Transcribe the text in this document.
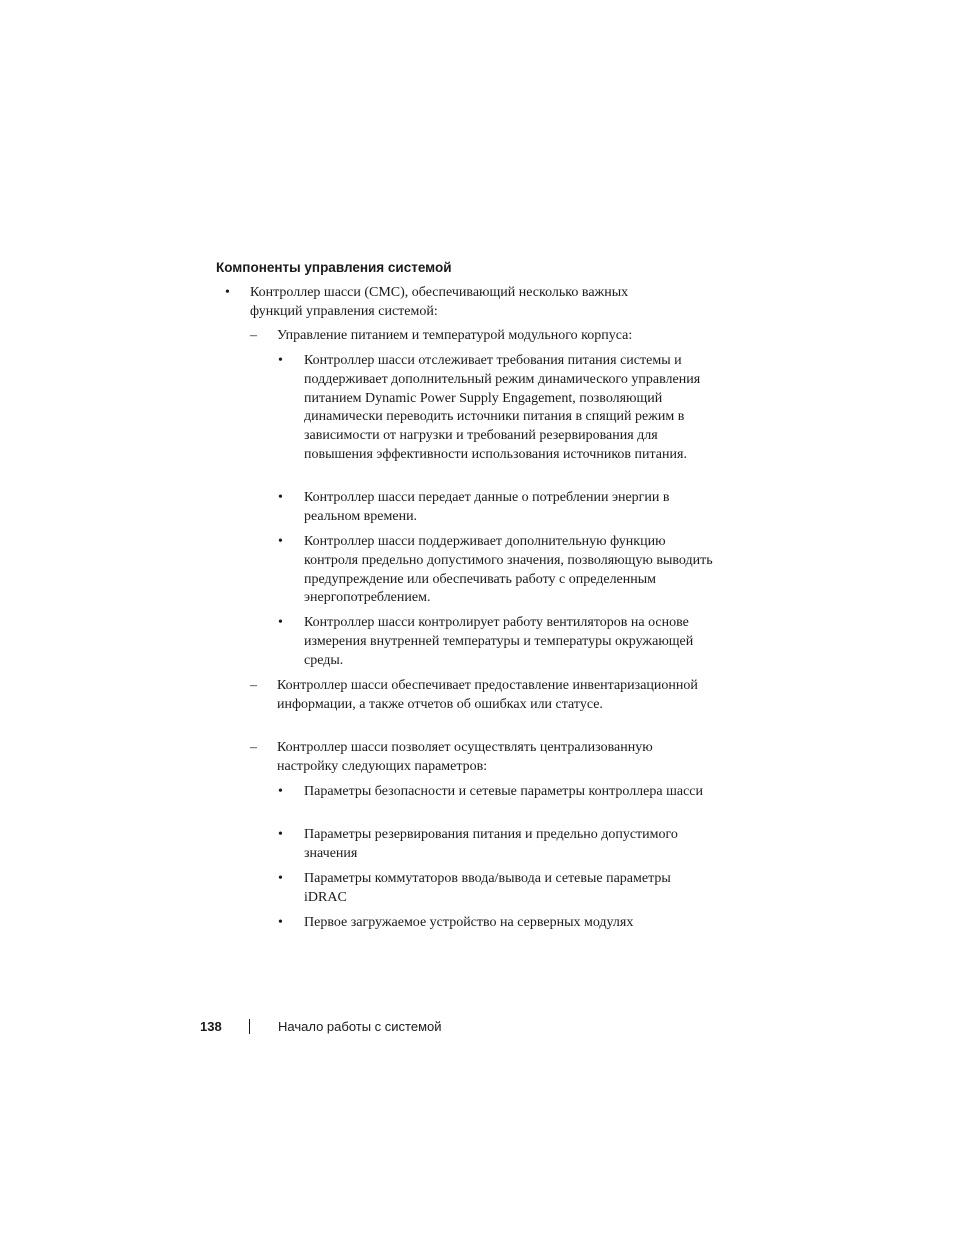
Компоненты управления системой
• Контроллер шасси (CMC), обеспечивающий несколько важных функций управления системой:

– Управление питанием и температурой модульного корпуса:

• Контроллер шасси отслеживает требования питания системы и поддерживает дополнительный режим динамического управления питанием Dynamic Power Supply Engagement, позволяющий динамически переводить источники питания в спящий режим в зависимости от нагрузки и требований резервирования для повышения эффективности использования источников питания.

• Контроллер шасси передает данные о потреблении энергии в реальном времени.

• Контроллер шасси поддерживает дополнительную функцию контроля предельно допустимого значения, позволяющую выводить предупреждение или обеспечивать работу с определенным энергопотреблением.

• Контроллер шасси контролирует работу вентиляторов на основе измерения внутренней температуры и температуры окружающей среды.

– Контроллер шасси обеспечивает предоставление инвентаризационной информации, а также отчетов об ошибках или статусе.

– Контроллер шасси позволяет осуществлять централизованную настройку следующих параметров:

• Параметры безопасности и сетевые параметры контроллера шасси

• Параметры резервирования питания и предельно допустимого значения

• Параметры коммутаторов ввода/вывода и сетевые параметры iDRAC

• Первое загружаемое устройство на серверных модулях

138	Начало работы с системой
